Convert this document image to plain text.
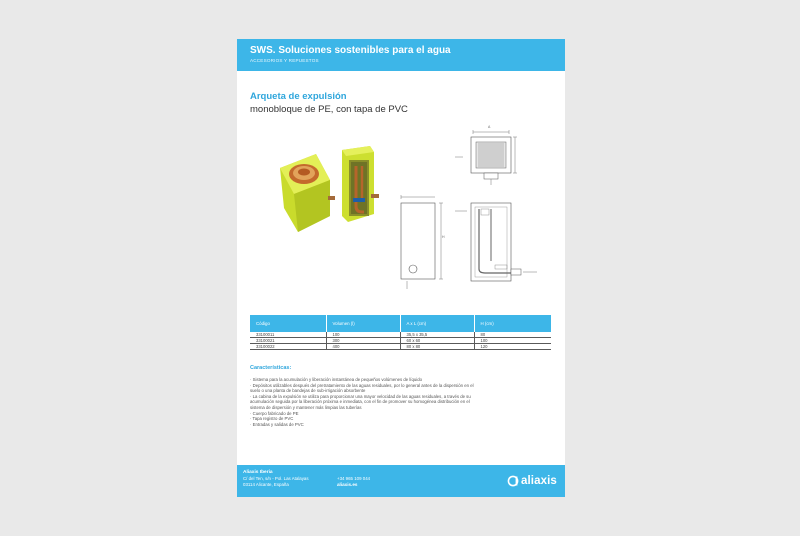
SWS. Soluciones sostenibles para el agua
ACCESORIOS Y REPUESTOS
Arqueta de expulsión
monobloque de PE, con tapa de PVC
A
H
Código	Volumen (l)	A x L (cm)	H (cm)
33100011	100	35,5 x 35,5	80
33100021	300	60 x 60	100
33100022	400	80 x 80	120
Características:
· Sistema para la acumulación y liberación instantánea de pequeños volúmenes de líquido
· Depósitos utilizables después del pretratamiento de las aguas residuales, por lo general antes de la dispersión en el
suelo o una planta de bandejas de sub-irrigación absorbente
· La cabina de la expulsión se utiliza para proporcionar una mayor velocidad de las aguas residuales, a través de su
acumulación seguida por la liberación próxima e inmediata, con el fin de promover su homogénea distribución en el
sistema de dispersión y mantener más limpias las tuberías
· Cuerpo fabricado de PE
· Tapa registro de PVC
· Entradas y salidas de PVC
Aliaxis Iberia
C/ del Ten, s/n - Pol. Las Atalayas
03114 Alicante, España
+34 965 109 044
aliaxis.es	aliaxis
